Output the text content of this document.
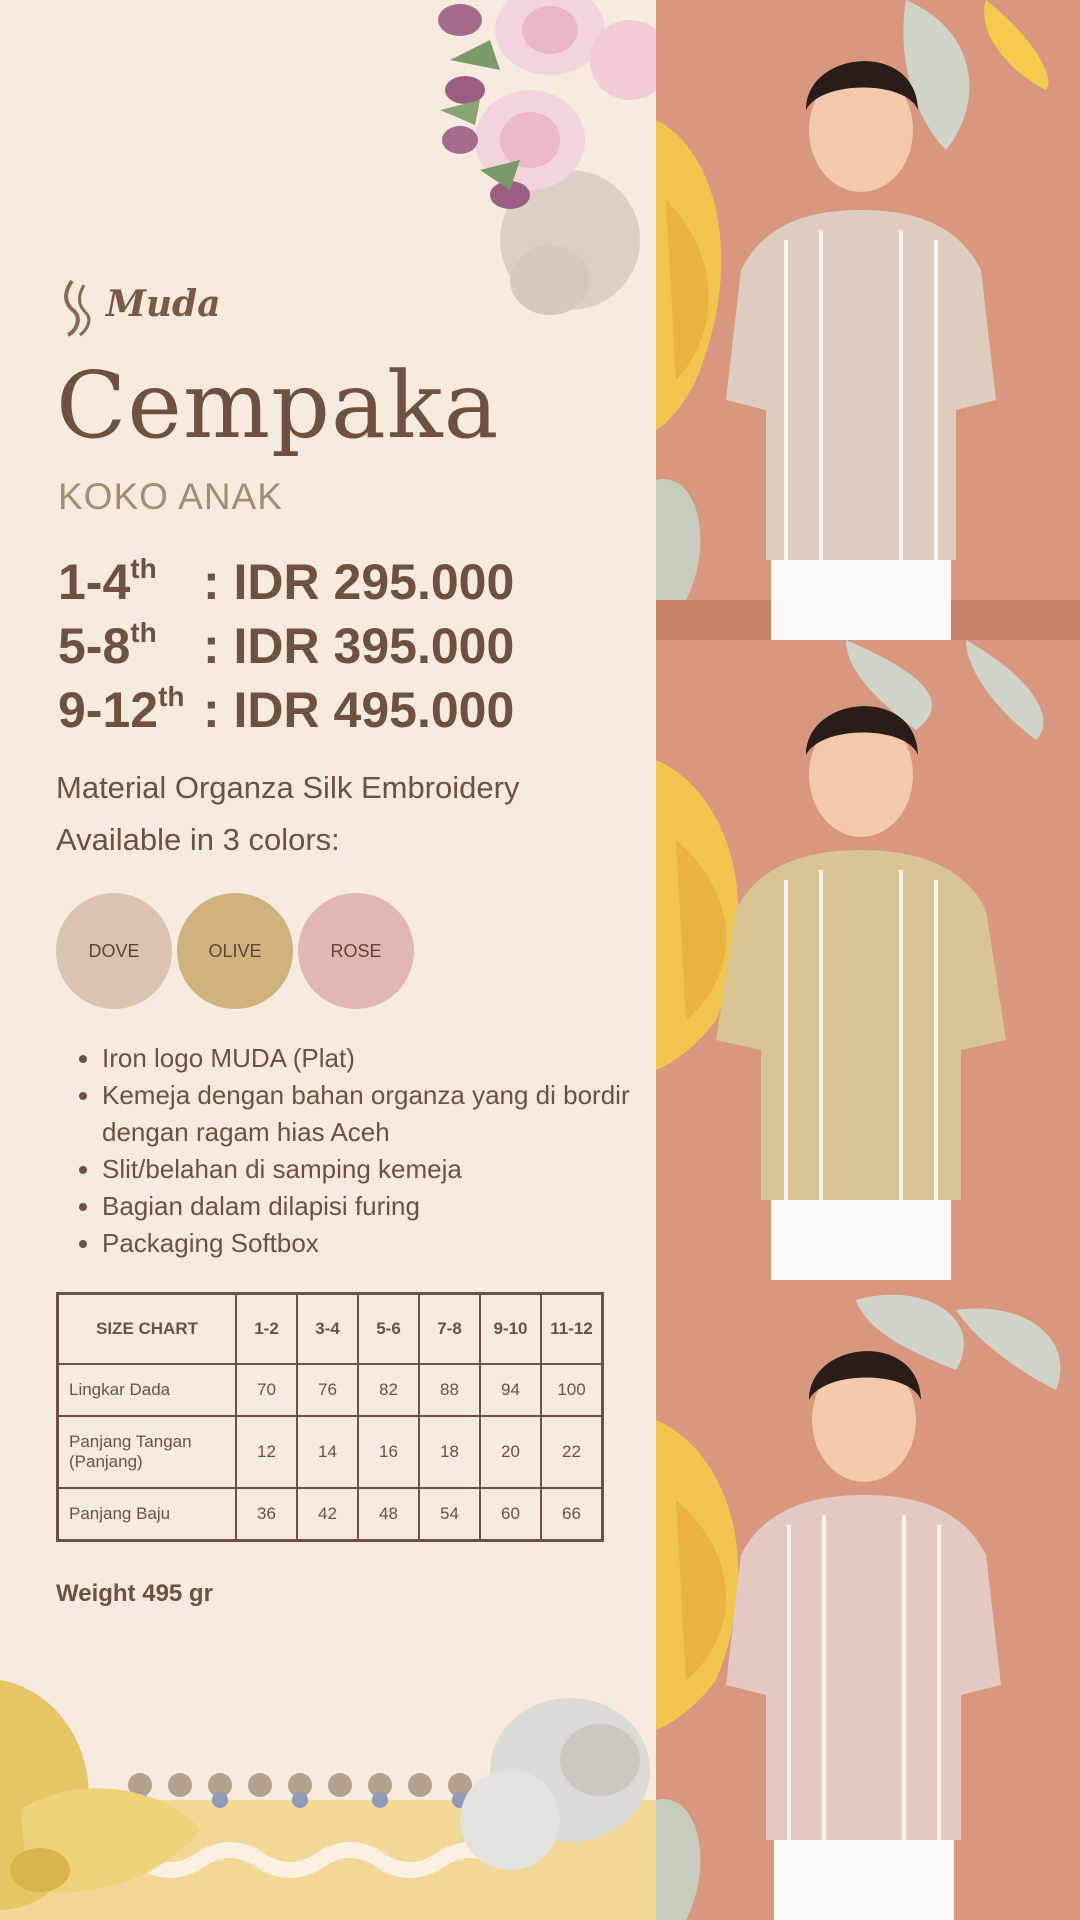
Muda
Cempaka
KOKO ANAK
1-4th : IDR 295.000
5-8th : IDR 395.000
9-12th : IDR 495.000
Material Organza Silk Embroidery
Available in 3 colors:
DOVE	OLIVE	ROSE
• Iron logo MUDA (Plat)
• Kemeja dengan bahan organza yang di bordir dengan ragam hias Aceh
• Slit/belahan di samping kemeja
• Bagian dalam dilapisi furing
• Packaging Softbox
SIZE CHART	1-2	3-4	5-6	7-8	9-10	11-12
Lingkar Dada	70	76	82	88	94	100
Panjang Tangan (Panjang)	12	14	16	18	20	22
Panjang Baju	36	42	48	54	60	66
Weight 495 gr
